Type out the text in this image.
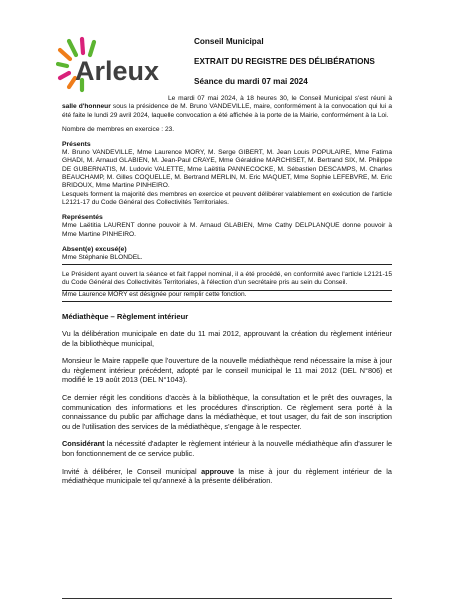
Arleux
Conseil Municipal
EXTRAIT DU REGISTRE DES DÉLIBÉRATIONS
Séance du mardi 07 mai 2024

Le mardi 07 mai 2024, à 18 heures 30, le Conseil Municipal s'est réuni à salle d'honneur sous la présidence de M. Bruno VANDEVILLE, maire, conformément à la convocation qui lui a été faite le lundi 29 avril 2024, laquelle convocation a été affichée à la porte de la Mairie, conformément à la Loi.

Nombre de membres en exercice : 23.

Présents

M. Bruno VANDEVILLE, Mme Laurence MORY, M. Serge GIBERT, M. Jean Louis POPULAIRE, Mme Fatima GHADI, M. Arnaud GLABIEN, M. Jean-Paul CRAYE, Mme Géraldine MARCHISET, M. Bertrand SIX, M. Philippe DE GUBERNATIS, M. Ludovic VALETTE, Mme Laëtitia PANNECOCKE, M. Sébastien DESCAMPS, M. Charles BEAUCHAMP, M. Gilles COQUELLE, M. Bertrand MERLIN, M. Eric MAQUET, Mme Sophie LEFEBVRE, M. Eric BRIDOUX, Mme Martine PINHEIRO.

Lesquels forment la majorité des membres en exercice et peuvent délibérer valablement en exécution de l'article L2121-17 du Code Général des Collectivités Territoriales.

Représentés

Mme Laëtitia LAURENT donne pouvoir à M. Arnaud GLABIEN, Mme Cathy DELPLANQUE donne pouvoir à Mme Martine PINHEIRO.

Absent(e) excusé(e)

Mme Stéphanie BLONDEL.

Le Président ayant ouvert la séance et fait l'appel nominal, il a été procédé, en conformité avec l'article L2121-15 du Code Général des Collectivités Territoriales, à l'élection d'un secrétaire pris au sein du Conseil.

Mme Laurence MORY est désignée pour remplir cette fonction.

Médiathèque – Règlement intérieur

Vu la délibération municipale en date du 11 mai 2012, approuvant la création du règlement intérieur de la bibliothèque municipal,

Monsieur le Maire rappelle que l'ouverture de la nouvelle médiathèque rend nécessaire la mise à jour du règlement intérieur précédent, adopté par le conseil municipal le 11 mai 2012 (DEL N°806) et modifié le 19 août 2013 (DEL N°1043).

Ce dernier régit les conditions d'accès à la bibliothèque, la consultation et le prêt des ouvrages, la communication des informations et les procédures d'inscription. Ce règlement sera porté à la connaissance du public par affichage dans la médiathèque, et tout usager, du fait de son inscription ou de l'utilisation des services de la médiathèque, s'engage à le respecter.

Considérant la nécessité d'adapter le règlement intérieur à la nouvelle médiathèque afin d'assurer le bon fonctionnement de ce service public.

Invité à délibérer, le Conseil municipal approuve la mise à jour du règlement intérieur de la médiathèque municipale tel qu'annexé à la présente délibération.
